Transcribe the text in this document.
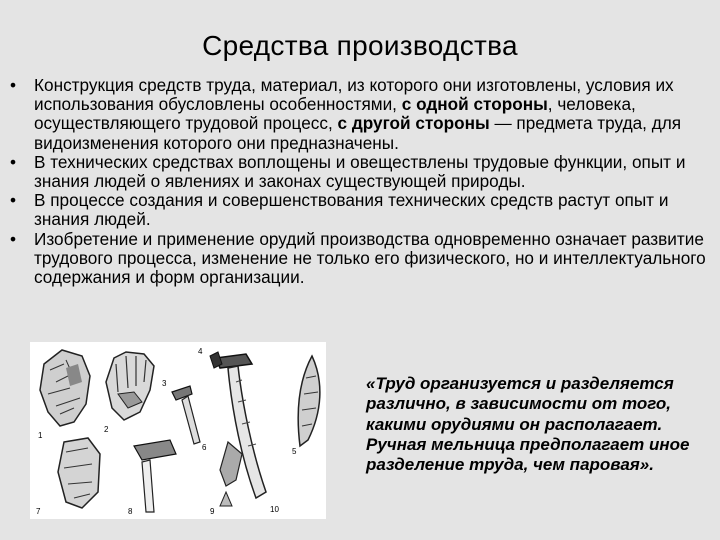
Средства производства
•	Конструкция средств труда, материал, из которого они изготовлены, условия их использования обусловлены особенностями, с одной стороны, человека, осуществляющего трудовой процесс, с другой стороны — предмета труда, для видоизменения которого они предназначены.
•	В технических средствах воплощены и овеществлены трудовые функции, опыт и знания людей о явлениях и законах существующей природы.
•	В процессе создания и совершенствования технических средств растут опыт и знания людей.
•	Изобретение и применение орудий производства одновременно означает развитие трудового процесса, изменение не только его физического, но и интеллектуального содержания и форм организации.
1
2
3
4
5
6
7	8	9	10
«Труд организуется и разделяется различно, в зависимости от того, какими орудиями он располагает. Ручная мельница предполагает иное разделение труда, чем паровая».
